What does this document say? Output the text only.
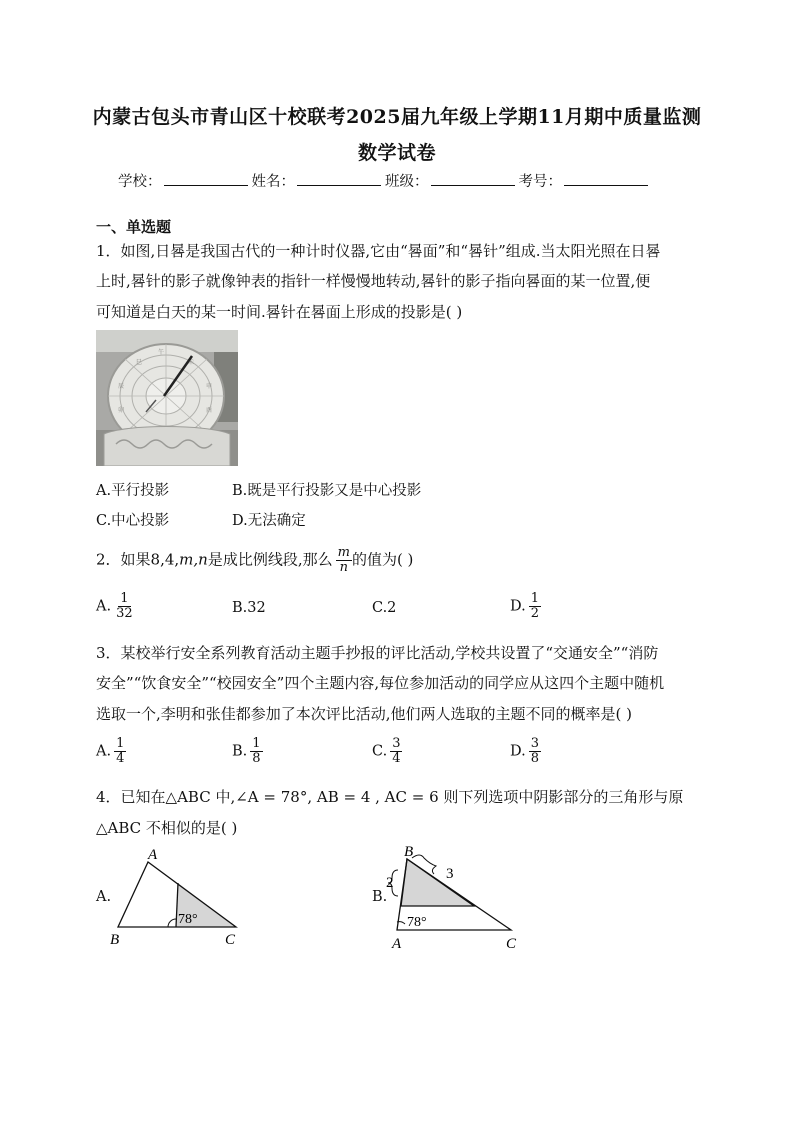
内蒙古包头市青山区十校联考2025届九年级上学期11月期中质量监测
数学试卷
学校：	姓名：	班级：	考号：
一、单选题
1．如图,日晷是我国古代的一种计时仪器,它由“晷面”和“晷针”组成.当太阳光照在日晷
上时,晷针的影子就像钟表的指针一样慢慢地转动,晷针的影子指向晷面的某一位置,便
可知道是白天的某一时间.晷针在晷面上形成的投影是( )
午
巳	未
辰	申
卯	酉
A.平行投影	B.既是平行投影又是中心投影
C.中心投影	D.无法确定
2．如果8,4,m,n是成比例线段,那么 $\frac{m}{n}$ 的值为( )
A. $\frac{1}{32}$	B.32	C.2	D. $\frac{1}{2}$
3．某校举行安全系列教育活动主题手抄报的评比活动,学校共设置了“交通安全”“消防
安全”“饮食安全”“校园安全”四个主题内容,每位参加活动的同学应从这四个主题中随机
选取一个,李明和张佳都参加了本次评比活动,他们两人选取的主题不同的概率是( )
A. $\frac{1}{4}$	B. $\frac{1}{8}$	C. $\frac{3}{4}$	D. $\frac{3}{8}$
4．已知在△ABC 中,∠A = 78°, AB = 4 , AC = 6 则下列选项中阴影部分的三角形与原
△ABC 不相似的是( )
A.
A
B	C
78°
B.
B
A	C
2
3
78°
